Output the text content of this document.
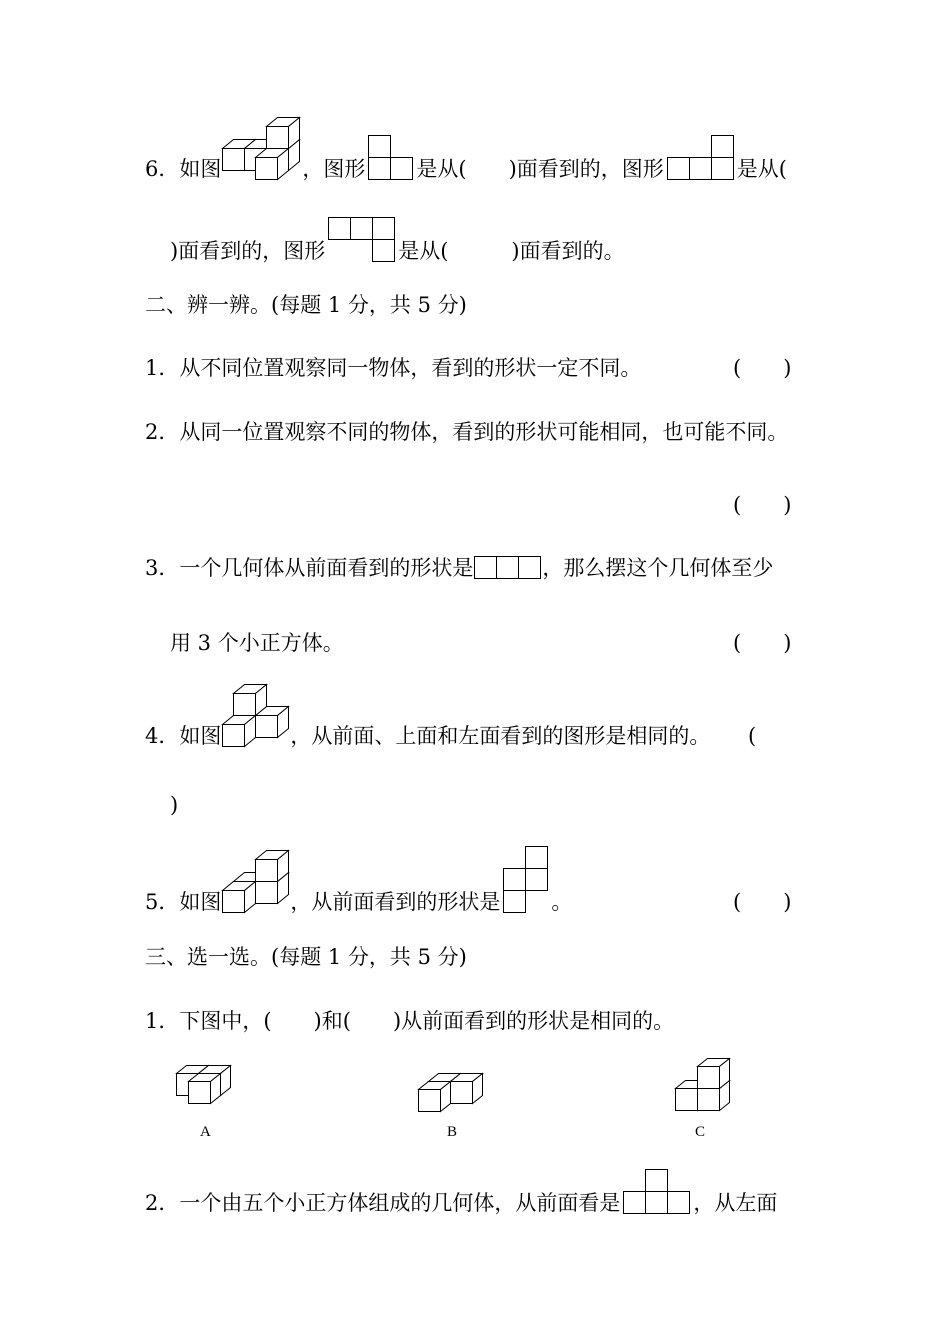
6．如图	，图形 是从(　　)面看到的，图形	是从(
)面看到的，图形	是从(　　　)面看到的。
二、辨一辨。(每题 1 分，共 5 分)
1．从不同位置观察同一物体，看到的形状一定不同。	(　　)
2．从同一位置观察不同的物体，看到的形状可能相同，也可能不同。
(　　)
3．一个几何体从前面看到的形状是	，那么摆这个几何体至少
用 3 个小正方体。	(　　)
4．如图	，从前面、上面和左面看到的图形是相同的。 (
)
5．如图	，从前面看到的形状是 。	(　　)
三、选一选。(每题 1 分，共 5 分)
1．下图中，(　　)和(　　)从前面看到的形状是相同的。
A	B	C
2．一个由五个小正方体组成的几何体，从前面看是	，从左面
